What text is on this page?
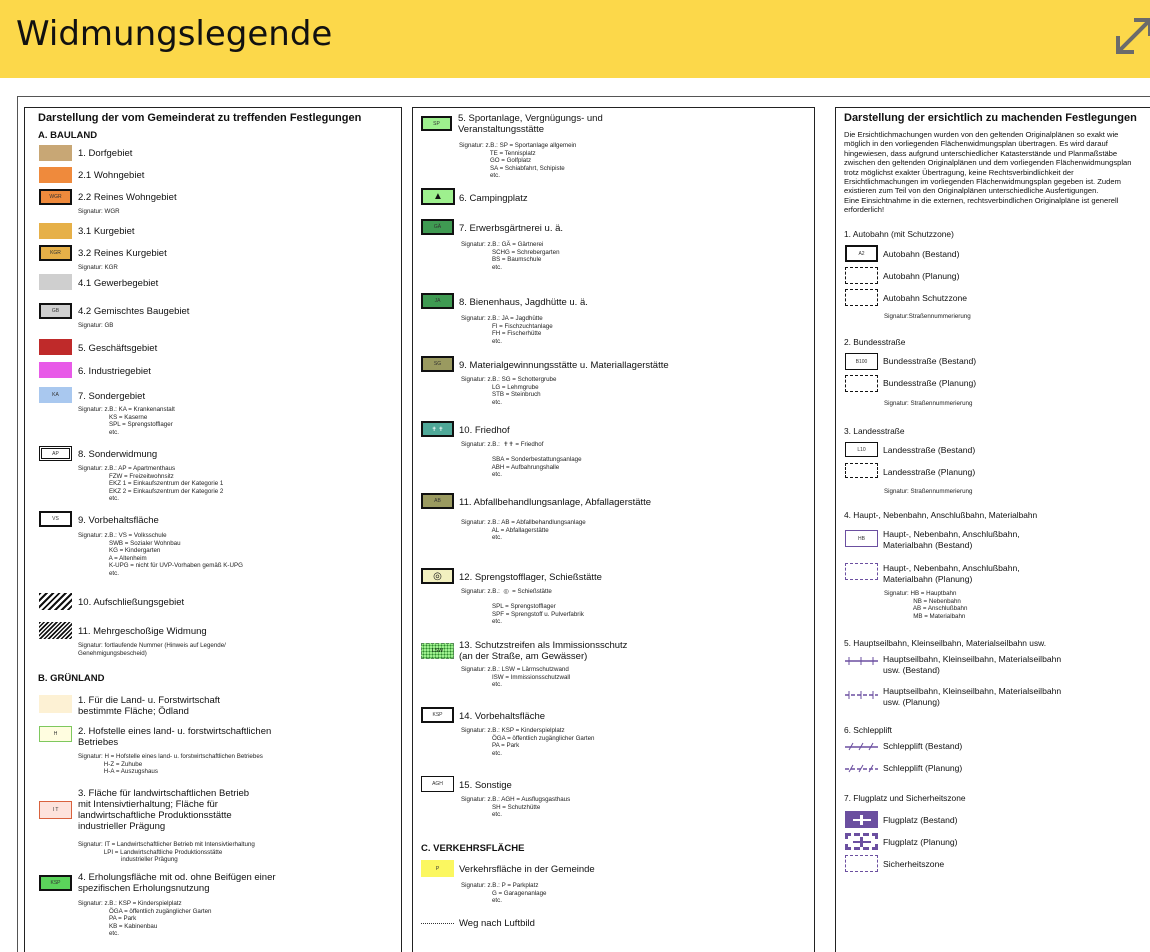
Widmungslegende
Darstellung der vom Gemeinderat zu treffenden Festlegungen
A. BAULAND
1. Dorfgebiet
2.1 Wohngebiet
WGR	2.2 Reines Wohngebiet
Signatur: WGR
3.1 Kurgebiet
KGR	3.2 Reines Kurgebiet
Signatur: KGR
4.1 Gewerbegebiet
GB	4.2 Gemischtes Baugebiet
Signatur: GB
5. Geschäftsgebiet
6. Industriegebiet
KA	7. Sondergebiet
Signatur: z.B.: KA = Krankenanstalt
KS = Kaserne
SPL = Sprengstofflager
etc.
AP	8. Sonderwidmung
Signatur: z.B.: AP = Apartmenthaus
FZW = Freizeitwohnsitz
EKZ 1 = Einkaufszentrum der Kategorie 1
EKZ 2 = Einkaufszentrum der Kategorie 2
etc.
VS	9. Vorbehaltsfläche
Signatur: z.B.: VS = Volksschule
SWB = Sozialer Wohnbau
KG = Kindergarten
A = Altenheim
K-UPG = nicht für UVP-Vorhaben gemäß K-UPG
etc.
10. Aufschließungsgebiet
11. Mehrgeschoßige Widmung
Signatur: fortlaufende Nummer (Hinweis auf Legende/
Genehmigungsbescheid)
B. GRÜNLAND
1. Für die Land- u. Forstwirtschaft
bestimmte Fläche; Ödland
H	2. Hofstelle eines land- u. forstwirtschaftlichen
Betriebes
Signatur: H = Hofstelle eines land- u. forstwirtschaftlichen Betriebes
H-Z = Zuhube
H-A = Auszugshaus
I T
3. Fläche für landwirtschaftlichen Betrieb
mit Intensivtierhaltung; Fläche für
landwirtschaftliche Produktionsstätte
industrieller Prägung
Signatur: IT = Landwirtschaftlicher Betrieb mit Intensivtierhaltung
LPI = Landwirtschaftliche Produktionsstätte
industrieller Prägung
KSP	4. Erholungsfläche mit od. ohne Beifügen einer
spezifischen Erholungsnutzung
Signatur: z.B.: KSP = Kinderspielplatz
ÖGA = öffentlich zugänglicher Garten
PA = Park
KB = Kabinenbau
etc.
SP	5. Sportanlage, Vergnügungs- und
Veranstaltungsstätte
Signatur: z.B.: SP = Sportanlage allgemein
TE = Tennisplatz
GO = Golfplatz
SA = Schiabfahrt, Schipiste
etc.
▲	6. Campingplatz
GÄ	7. Erwerbsgärtnerei u. ä.
Signatur: z.B.: GÄ = Gärtnerei
SCHG = Schrebergarten
BS = Baumschule
etc.
JA	8. Bienenhaus, Jagdhütte u. ä.
Signatur: z.B.: JA = Jagdhütte
FI = Fischzuchtanlage
FH = Fischerhütte
etc.
SG	9. Materialgewinnungsstätte u. Materiallagerstätte
Signatur: z.B.: SG = Schottergrube
LG = Lehmgrube
STB = Steinbruch
etc.
✝ ✝	10. Friedhof
Signatur: z.B.:  ✝✝ = Friedhof

SBA = Sonderbestattungsanlage
ABH = Aufbahrungshalle
etc.
AB	11. Abfallbehandlungsanlage, Abfallagerstätte
Signatur: z.B.: AB = Abfallbehandlungsanlage
AL = Abfallagerstätte
etc.
◎	12. Sprengstofflager, Schießstätte
Signatur: z.B.:  ◎  = Schießstätte

SPL = Sprengstofflager
SPF = Sprengstoff u. Pulverfabrik
etc.
LSW	13. Schutzstreifen als Immissionsschutz
(an der Straße, am Gewässer)
Signatur: z.B.: LSW = Lärmschutzwand
ISW = Immissionsschutzwall
etc.
KSP	14. Vorbehaltsfläche
Signatur: z.B.: KSP = Kinderspielplatz
ÖGA = öffentlich zugänglicher Garten
PA = Park
etc.
AGH	15. Sonstige
Signatur: z.B.: AGH = Ausflugsgasthaus
SH = Schutzhütte
etc.
C. VERKEHRSFLÄCHE
P	Verkehrsfläche in der Gemeinde
Signatur: z.B.: P = Parkplatz
G = Garagenanlage
etc.
Weg nach Luftbild
Darstellung der ersichtlich zu machenden Festlegungen
Die Ersichtlichmachungen wurden von den geltenden Originalplänen so exakt wie
möglich in den vorliegenden Flächenwidmungsplan übertragen. Es wird darauf
hingewiesen, dass aufgrund unterschiedlicher Katasterstände und Planmaßstäbe
zwischen den geltenden Originalplänen und dem vorliegenden Flächenwidmungsplan
trotz möglichst exakter Übertragung, keine Rechtsverbindlichkeit der
Ersichtlichmachungen im vorliegenden Flächenwidmungsplan gegeben ist. Zudem
existieren zum Teil von den Originalplänen unterschiedliche Ausfertigungen.
Eine Einsichtnahme in die externen, rechtsverbindlichen Originalpläne ist generell
erforderlich!
1. Autobahn (mit Schutzzone)
A2	Autobahn (Bestand)
Autobahn (Planung)
Autobahn Schutzzone
Signatur:Straßennummerierung
2. Bundesstraße
B100	Bundesstraße (Bestand)
Bundesstraße (Planung)
Signatur: Straßennummerierung
3. Landesstraße
L10	Landesstraße (Bestand)
Landesstraße (Planung)
Signatur: Straßennummerierung
4. Haupt-, Nebenbahn, Anschlußbahn, Materialbahn
HB	Haupt-, Nebenbahn, Anschlußbahn,
Materialbahn (Bestand)
Haupt-, Nebenbahn, Anschlußbahn,
Materialbahn (Planung)
Signatur: HB = Hauptbahn
NB = Nebenbahn
AB = Anschlußbahn
MB = Materialbahn
5. Hauptseilbahn, Kleinseilbahn, Materialseilbahn usw.
Hauptseilbahn, Kleinseilbahn, Materialseilbahn
usw. (Bestand)
Hauptseilbahn, Kleinseilbahn, Materialseilbahn
usw. (Planung)
6. Schlepplift
Schlepplift (Bestand)
Schlepplift (Planung)
7. Flugplatz und Sicherheitszone
Flugplatz (Bestand)
Flugplatz (Planung)
Sicherheitszone
